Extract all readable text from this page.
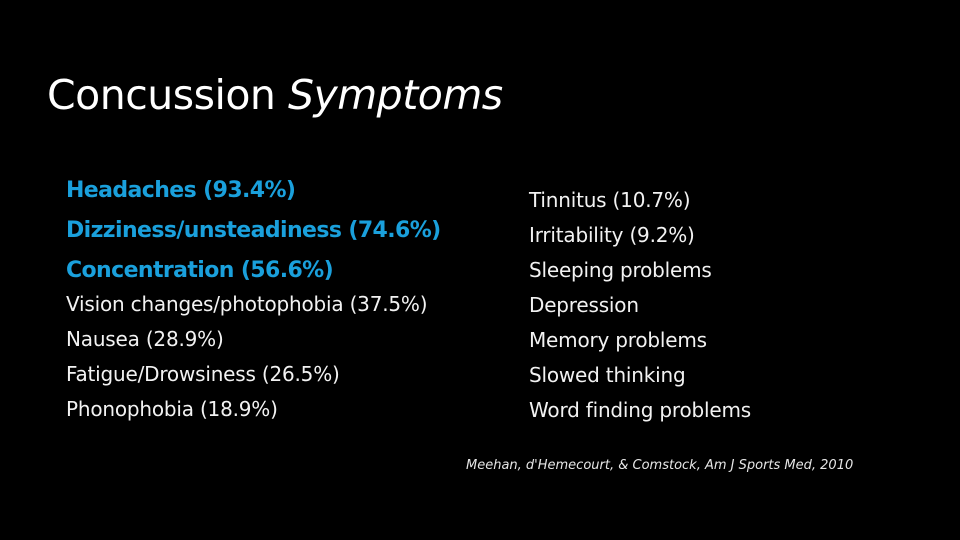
Concussion Symptoms
Headaches (93.4%)
Dizziness/unsteadiness (74.6%)
Concentration (56.6%)
Vision changes/photophobia (37.5%)
Nausea (28.9%)
Fatigue/Drowsiness (26.5%)
Phonophobia (18.9%)
Tinnitus (10.7%)
Irritability (9.2%)
Sleeping problems
Depression
Memory problems
Slowed thinking
Word finding problems

Meehan, d'Hemecourt, & Comstock, Am J Sports Med, 2010
